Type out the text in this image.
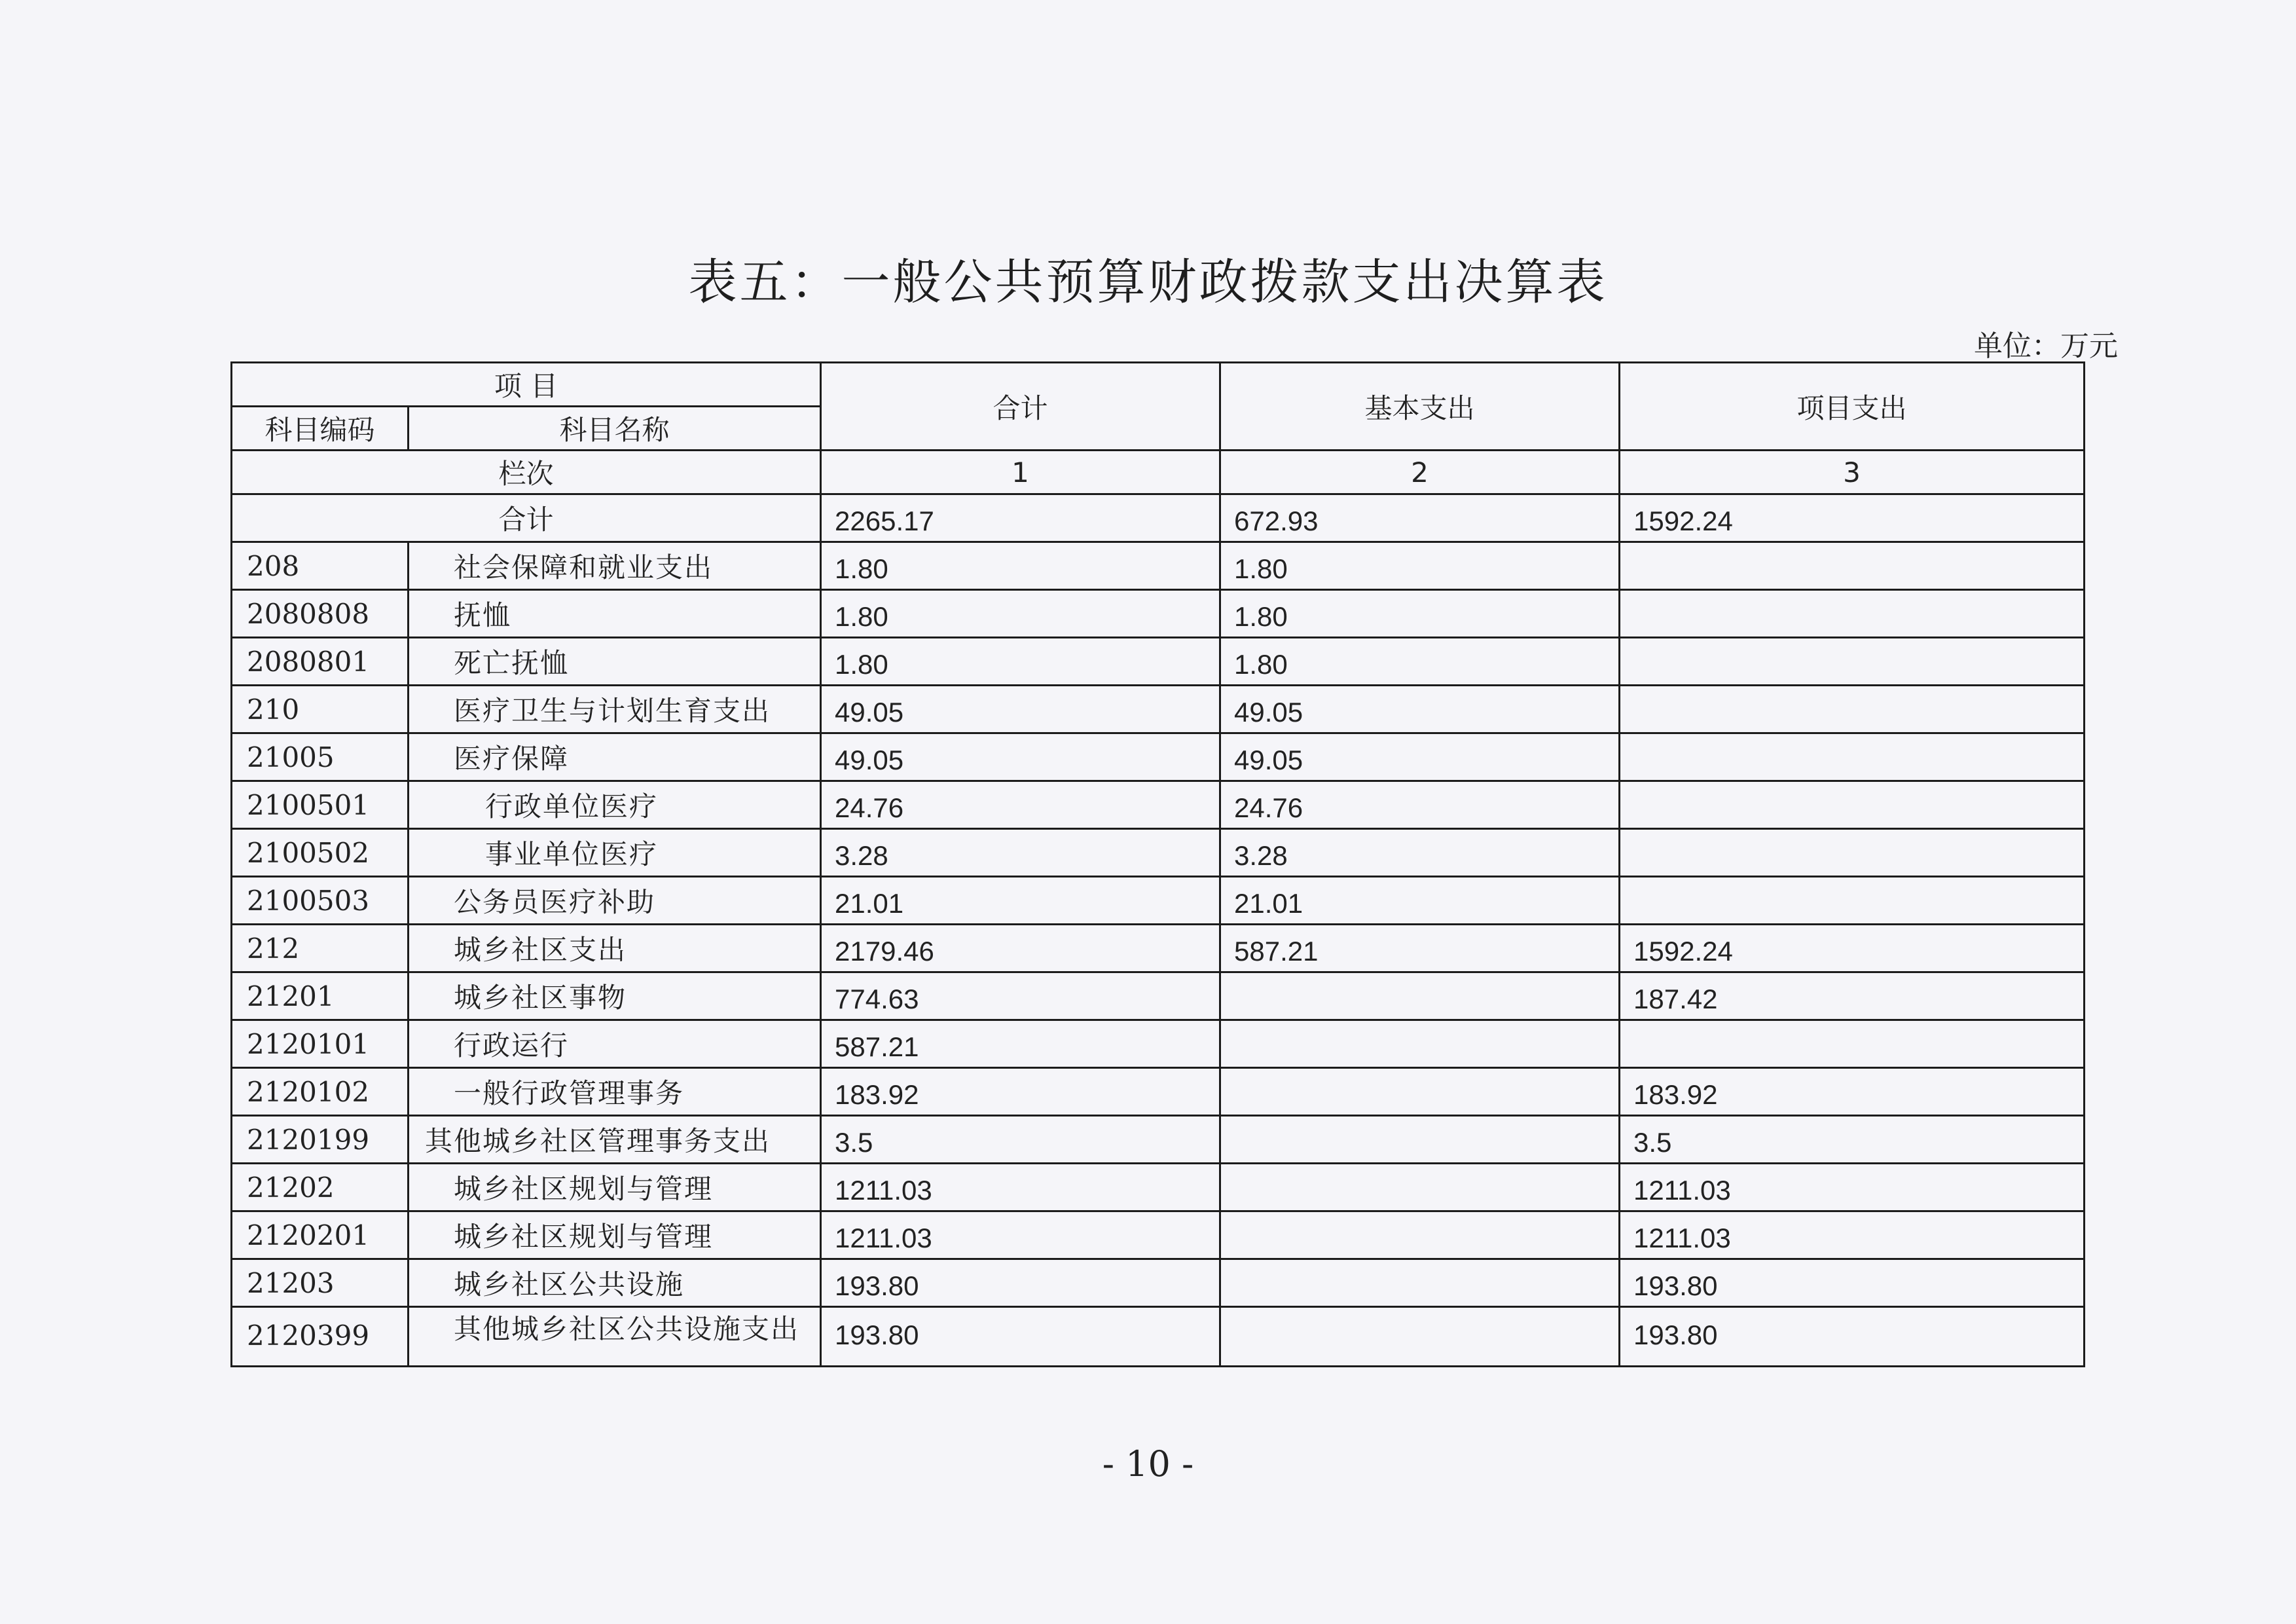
表五：一般公共预算财政拨款支出决算表
单位：万元
项 目		合计	基本支出	项目支出
科目编码	科目名称			
栏次		1	2	3
合计		2265.17	672.93	1592.24
208	社会保障和就业支出	1.80	1.80	
2080808	抚恤	1.80	1.80	
2080801	死亡抚恤	1.80	1.80	
210	医疗卫生与计划生育支出	49.05	49.05	
21005	医疗保障	49.05	49.05	
2100501	行政单位医疗	24.76	24.76	
2100502	事业单位医疗	3.28	3.28	
2100503	公务员医疗补助	21.01	21.01	
212	城乡社区支出	2179.46	587.21	1592.24
21201	城乡社区事物	774.63		187.42
2120101	行政运行	587.21		
2120102	一般行政管理事务	183.92		183.92
2120199	其他城乡社区管理事务支出	3.5		3.5
21202	城乡社区规划与管理	1211.03		1211.03
2120201	城乡社区规划与管理	1211.03		1211.03
21203	城乡社区公共设施	193.80		193.80
2120399	其他城乡社区公共设施支出	193.80		193.80
- 10 -
